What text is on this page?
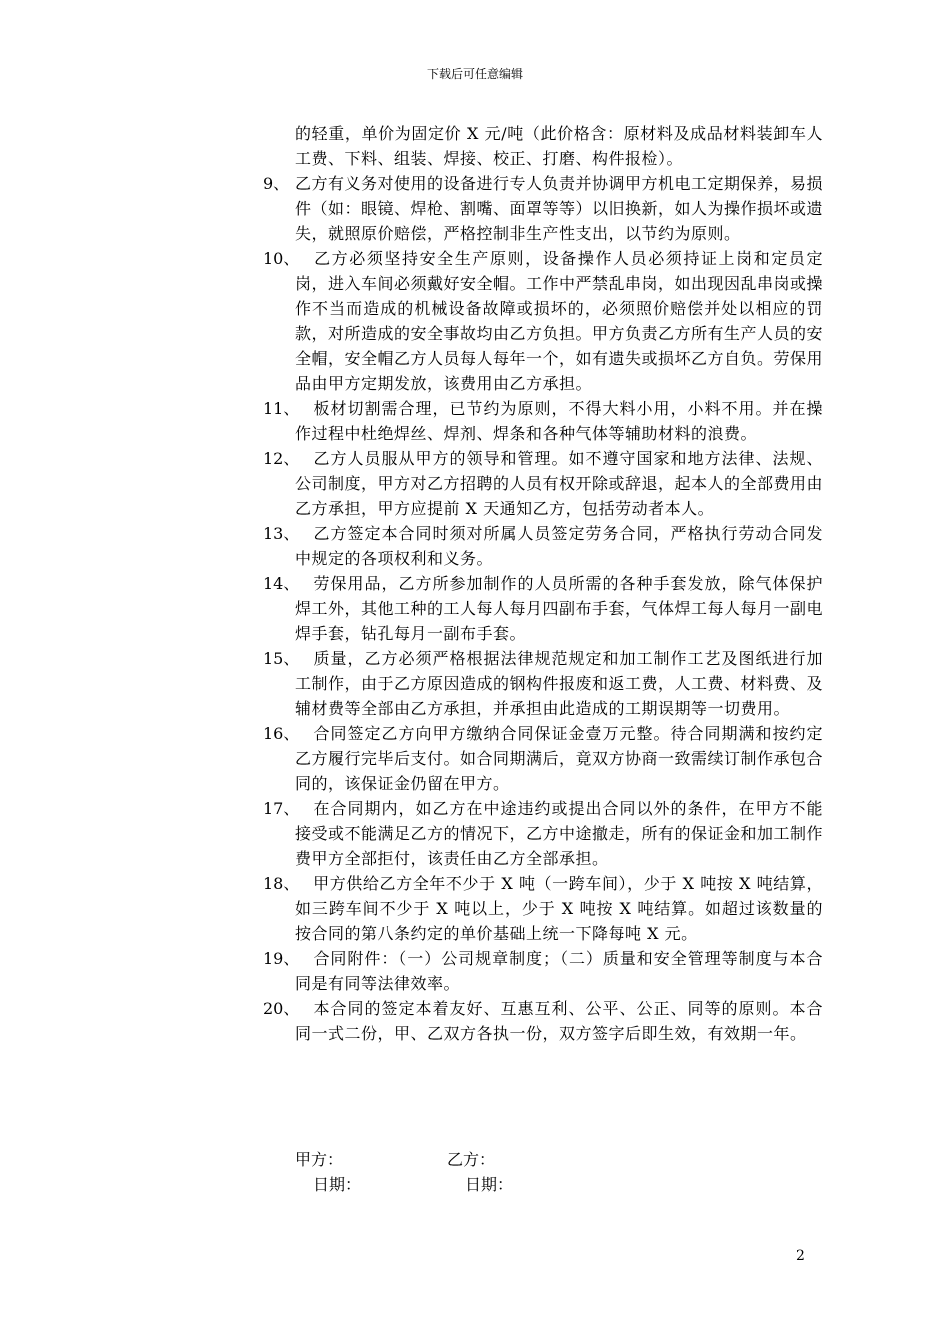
下载后可任意编辑

的轻重，单价为固定价 X 元/吨（此价格含：原材料及成品材料装卸车人工费、下料、组装、焊接、校正、打磨、构件报检）。

9、 乙方有义务对使用的设备进行专人负责并协调甲方机电工定期保养，易损件（如：眼镜、焊枪、割嘴、面罩等等）以旧换新，如人为操作损坏或遗失，就照原价赔偿，严格控制非生产性支出，以节约为原则。
10、 乙方必须坚持安全生产原则，设备操作人员必须持证上岗和定员定岗，进入车间必须戴好安全帽。工作中严禁乱串岗，如出现因乱串岗或操作不当而造成的机械设备故障或损坏的，必须照价赔偿并处以相应的罚款，对所造成的安全事故均由乙方负担。甲方负责乙方所有生产人员的安全帽，安全帽乙方人员每人每年一个，如有遗失或损坏乙方自负。劳保用品由甲方定期发放，该费用由乙方承担。
11、 板材切割需合理，已节约为原则，不得大料小用，小料不用。并在操作过程中杜绝焊丝、焊剂、焊条和各种气体等辅助材料的浪费。
12、 乙方人员服从甲方的领导和管理。如不遵守国家和地方法律、法规、公司制度，甲方对乙方招聘的人员有权开除或辞退，起本人的全部费用由乙方承担，甲方应提前 X 天通知乙方，包括劳动者本人。
13、 乙方签定本合同时须对所属人员签定劳务合同，严格执行劳动合同发中规定的各项权利和义务。
14、 劳保用品，乙方所参加制作的人员所需的各种手套发放，除气体保护焊工外，其他工种的工人每人每月四副布手套，气体焊工每人每月一副电焊手套，钻孔每月一副布手套。
15、 质量，乙方必须严格根据法律规范规定和加工制作工艺及图纸进行加工制作，由于乙方原因造成的钢构件报废和返工费，人工费、材料费、及辅材费等全部由乙方承担，并承担由此造成的工期误期等一切费用。
16、 合同签定乙方向甲方缴纳合同保证金壹万元整。待合同期满和按约定乙方履行完毕后支付。如合同期满后，竟双方协商一致需续订制作承包合同的，该保证金仍留在甲方。
17、 在合同期内，如乙方在中途违约或提出合同以外的条件，在甲方不能接受或不能满足乙方的情况下，乙方中途撤走，所有的保证金和加工制作费甲方全部拒付，该责任由乙方全部承担。
18、 甲方供给乙方全年不少于 X 吨（一跨车间），少于 X 吨按 X 吨结算，如三跨车间不少于 X 吨以上，少于 X 吨按 X 吨结算。如超过该数量的按合同的第八条约定的单价基础上统一下降每吨 X 元。
19、 合同附件：（一）公司规章制度；（二）质量和安全管理等制度与本合同是有同等法律效率。
20、 本合同的签定本着友好、互惠互利、公平、公正、同等的原则。本合同一式二份，甲、乙双方各执一份，双方签字后即生效，有效期一年。
甲方：	乙方：
日期：	日期：
2
